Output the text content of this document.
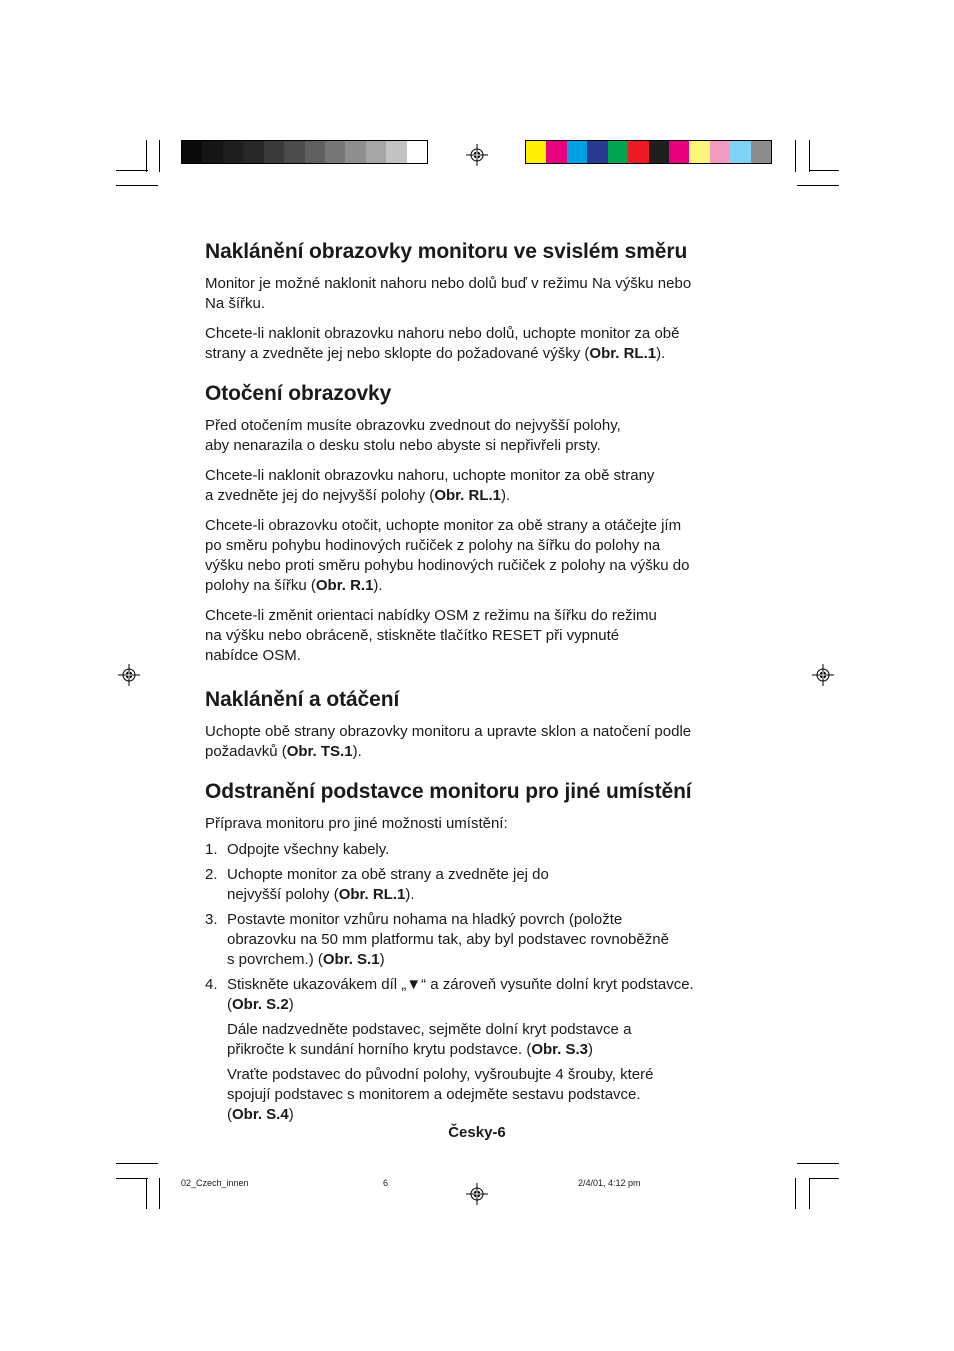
Naklánění obrazovky monitoru ve svislém směru

Monitor je možné naklonit nahoru nebo dolů buď v režimu Na výšku nebo
Na šířku.

Chcete-li naklonit obrazovku nahoru nebo dolů, uchopte monitor za obě
strany a zvedněte jej nebo sklopte do požadované výšky (Obr. RL.1).

Otočení obrazovky

Před otočením musíte obrazovku zvednout do nejvyšší polohy,
aby nenarazila o desku stolu nebo abyste si nepřivřeli prsty.

Chcete-li naklonit obrazovku nahoru, uchopte monitor za obě strany
a zvedněte jej do nejvyšší polohy (Obr. RL.1).

Chcete-li obrazovku otočit, uchopte monitor za obě strany a otáčejte jím
po směru pohybu hodinových ručiček z polohy na šířku do polohy na
výšku nebo proti směru pohybu hodinových ručiček z polohy na výšku do
polohy na šířku (Obr. R.1).

Chcete-li změnit orientaci nabídky OSM z režimu na šířku do režimu
na výšku nebo obráceně, stiskněte tlačítko RESET při vypnuté
nabídce OSM.

Naklánění a otáčení

Uchopte obě strany obrazovky monitoru a upravte sklon a natočení podle
požadavků (Obr. TS.1).

Odstranění podstavce monitoru pro jiné umístění

Příprava monitoru pro jiné možnosti umístění:

1. Odpojte všechny kabely.
2. Uchopte monitor za obě strany a zvedněte jej do
nejvyšší polohy (Obr. RL.1).
3. Postavte monitor vzhůru nohama na hladký povrch (položte
obrazovku na 50 mm platformu tak, aby byl podstavec rovnoběžně
s povrchem.) (Obr. S.1)
4. Stiskněte ukazovákem díl „▼“ a zároveň vysuňte dolní kryt podstavce.
(Obr. S.2)

Dále nadzvedněte podstavec, sejměte dolní kryt podstavce a
přikročte k sundání horního krytu podstavce. (Obr. S.3)

Vraťte podstavec do původní polohy, vyšroubujte 4 šrouby, které
spojují podstavec s monitorem a odejměte sestavu podstavce.
(Obr. S.4)

Česky-6
02_Czech_innen	6	2/4/01, 4:12 pm
